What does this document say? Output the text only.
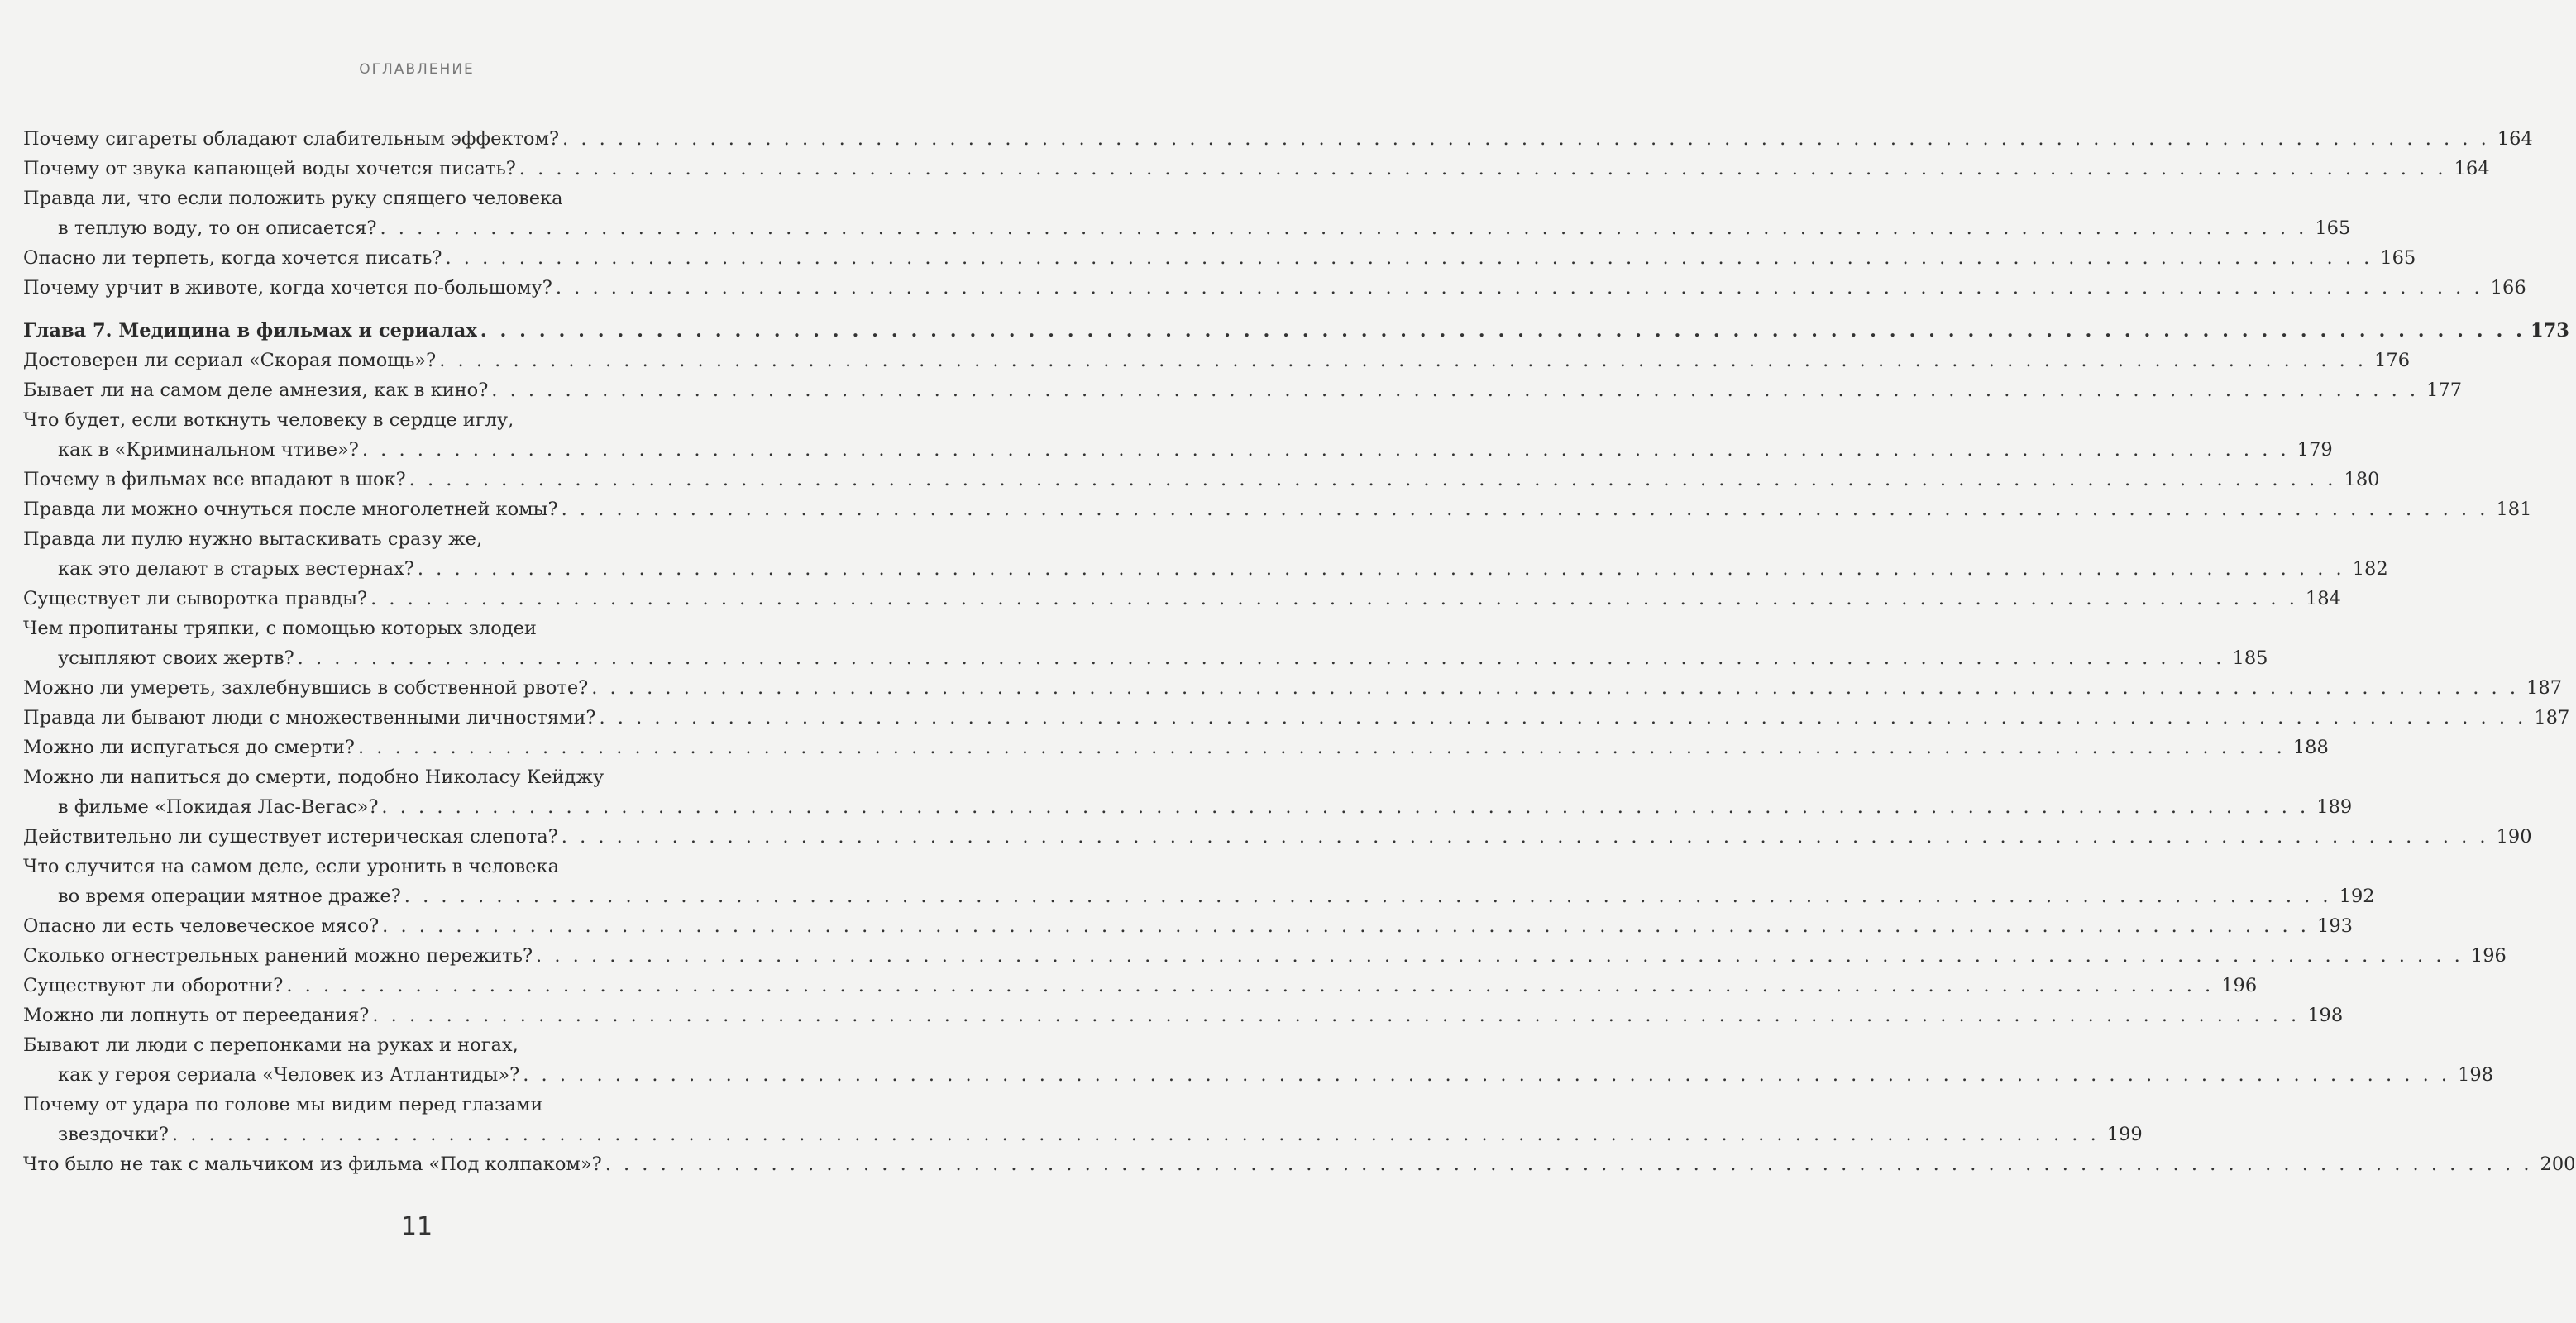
ОГЛАВЛЕНИЕ
Почему сигареты обладают слабительным эффектом? . . .	164
Почему от звука капающей воды хочется писать? . . .	164
Правда ли, что если положить руку спящего человека
в теплую воду, то он описается? . . .	165
Опасно ли терпеть, когда хочется писать? . . .	165
Почему урчит в животе, когда хочется по-большому? . . .	166
Глава 7. Медицина в фильмах и сериалах . . .	173
Достоверен ли сериал «Скорая помощь»? . . .	176
Бывает ли на самом деле амнезия, как в кино? . . .	177
Что будет, если воткнуть человеку в сердце иглу,
как в «Криминальном чтиве»? . . .	179
Почему в фильмах все впадают в шок? . . .	180
Правда ли можно очнуться после многолетней комы? . . .	181
Правда ли пулю нужно вытаскивать сразу же,
как это делают в старых вестернах? . . .	182
Существует ли сыворотка правды? . . .	184
Чем пропитаны тряпки, с помощью которых злодеи
усыпляют своих жертв? . . .	185
Можно ли умереть, захлебнувшись в собственной рвоте? . . .	187
Правда ли бывают люди с множественными личностями? . . .	187
Можно ли испугаться до смерти? . . .	188
Можно ли напиться до смерти, подобно Николасу Кейджу
в фильме «Покидая Лас-Вегас»? . . .	189
Действительно ли существует истерическая слепота? . . .	190
Что случится на самом деле, если уронить в человека
во время операции мятное драже? . . .	192
Опасно ли есть человеческое мясо? . . .	193
Сколько огнестрельных ранений можно пережить? . . .	196
Существуют ли оборотни? . . .	196
Можно ли лопнуть от переедания? . . .	198
Бывают ли люди с перепонками на руках и ногах,
как у героя сериала «Человек из Атлантиды»? . . .	198
Почему от удара по голове мы видим перед глазами
звездочки? . . .	199
Что было не так с мальчиком из фильма «Под колпаком»? . . .	200
11
